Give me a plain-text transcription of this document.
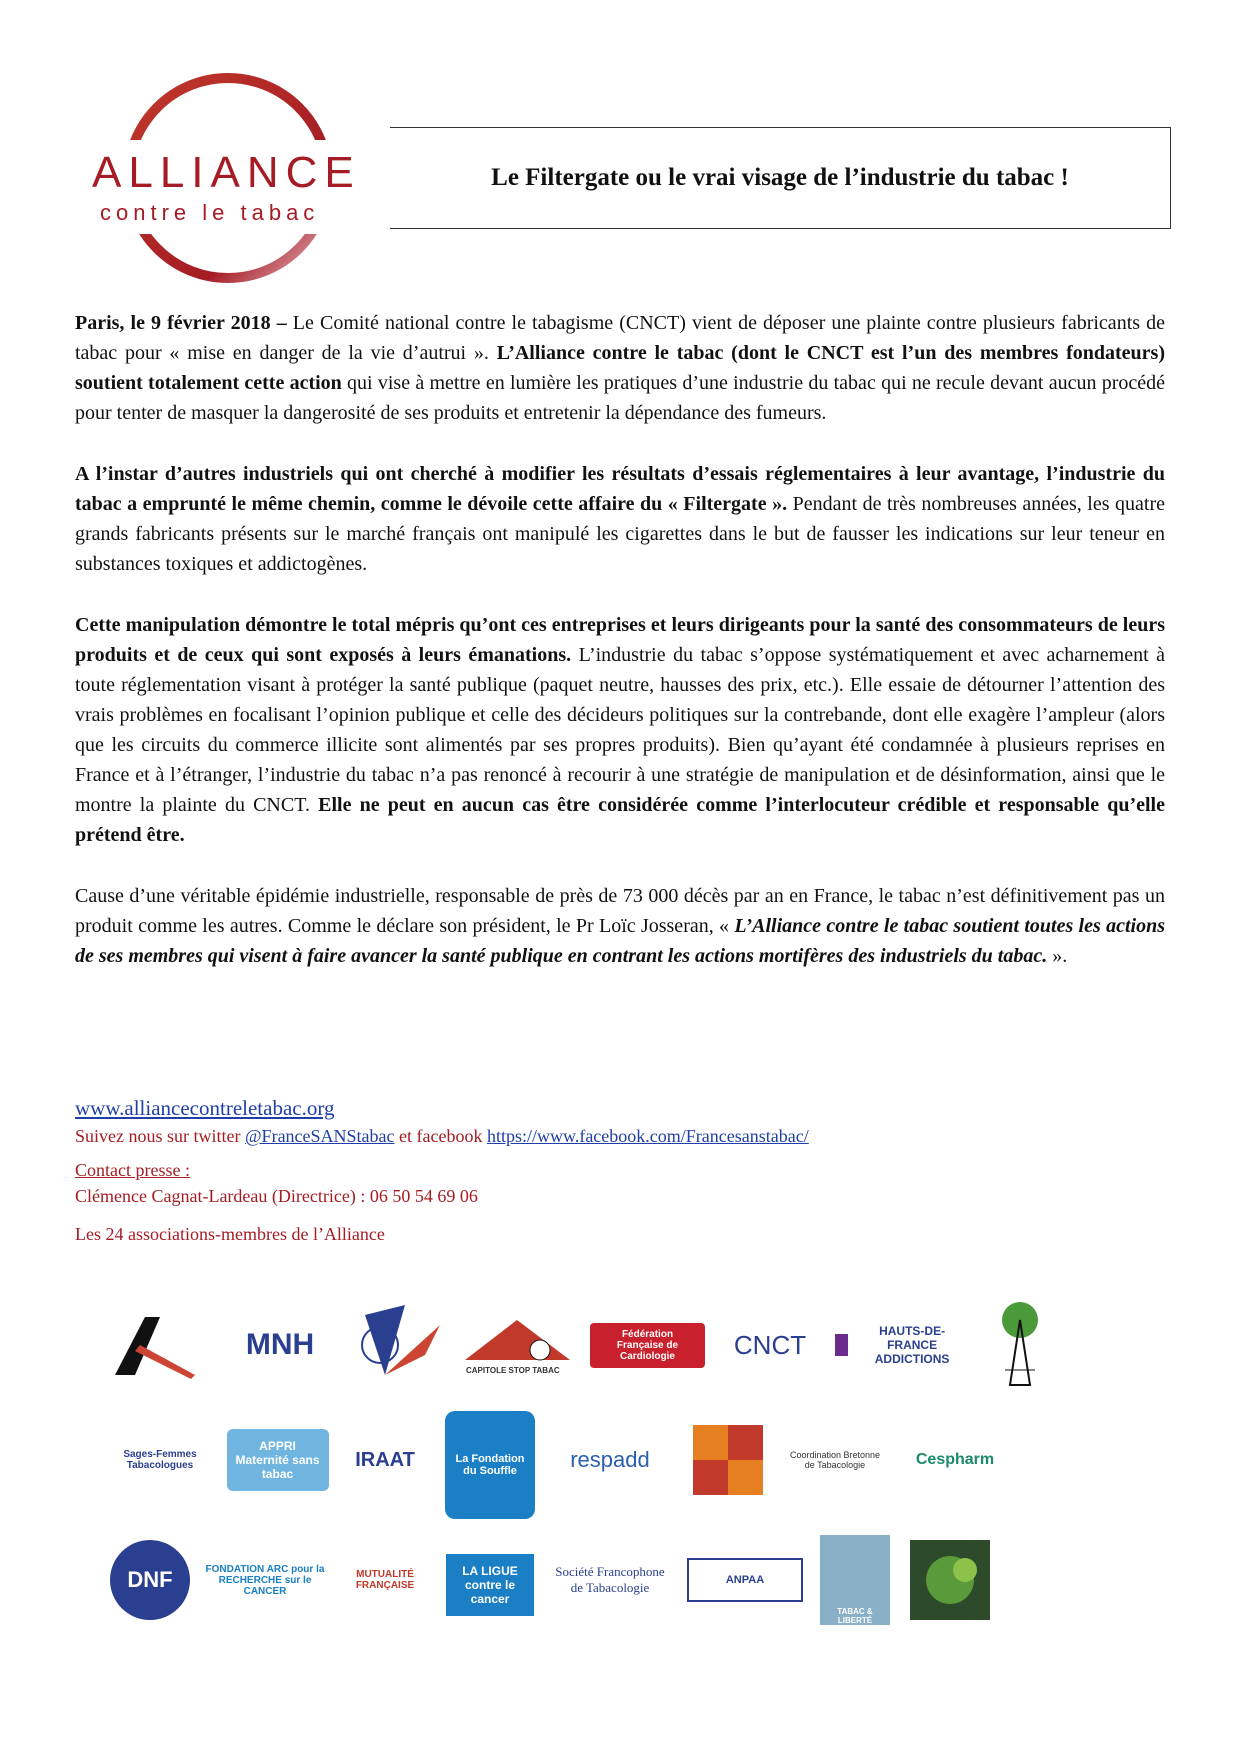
ALLIANCE
contre le tabac
Le Filtergate ou le vrai visage de l’industrie du tabac !

Paris, le 9 février 2018 – Le Comité national contre le tabagisme (CNCT) vient de déposer une plainte contre plusieurs fabricants de tabac pour « mise en danger de la vie d’autrui ». L’Alliance contre le tabac (dont le CNCT est l’un des membres fondateurs) soutient totalement cette action qui vise à mettre en lumière les pratiques d’une industrie du tabac qui ne recule devant aucun procédé pour tenter de masquer la dangerosité de ses produits et entretenir la dépendance des fumeurs.

A l’instar d’autres industriels qui ont cherché à modifier les résultats d’essais réglementaires à leur avantage, l’industrie du tabac a emprunté le même chemin, comme le dévoile cette affaire du « Filtergate ». Pendant de très nombreuses années, les quatre grands fabricants présents sur le marché français ont manipulé les cigarettes dans le but de fausser les indications sur leur teneur en substances toxiques et addictogènes.

Cette manipulation démontre le total mépris qu’ont ces entreprises et leurs dirigeants pour la santé des consommateurs de leurs produits et de ceux qui sont exposés à leurs émanations. L’industrie du tabac s’oppose systématiquement et avec acharnement à toute réglementation visant à protéger la santé publique (paquet neutre, hausses des prix, etc.). Elle essaie de détourner l’attention des vrais problèmes en focalisant l’opinion publique et celle des décideurs politiques sur la contrebande, dont elle exagère l’ampleur (alors que les circuits du commerce illicite sont alimentés par ses propres produits). Bien qu’ayant été condamnée à plusieurs reprises en France et à l’étranger, l’industrie du tabac n’a pas renoncé à recourir à une stratégie de manipulation et de désinformation, ainsi que le montre la plainte du CNCT. Elle ne peut en aucun cas être considérée comme l’interlocuteur crédible et responsable qu’elle prétend être.

Cause d’une véritable épidémie industrielle, responsable de près de 73 000 décès par an en France, le tabac n’est définitivement pas un produit comme les autres. Comme le déclare son président, le Pr Loïc Josseran, « L’Alliance contre le tabac soutient toutes les actions de ses membres qui visent à faire avancer la santé publique en contrant les actions mortifères des industriels du tabac. ».

www.alliancecontreletabac.org
Suivez nous sur twitter @FranceSANStabac et facebook https://www.facebook.com/Francesanstabac/
Contact presse :
Clémence Cagnat-Lardeau (Directrice) : 06 50 54 69 06
Les 24 associations-membres de l’Alliance
MNH
CAPITOLE STOP TABAC
Fédération Française de Cardiologie	CNCT	HAUTS-DE-FRANCE ADDICTIONS
Sages-Femmes Tabacologues
APPRI Maternité sans tabac
IRAAT	La Fondation du Souffle	respadd	Coordination Bretonne de Tabacologie	Cespharm
DNF	FONDATION ARC pour la RECHERCHE sur le CANCER
MUTUALITÉ FRANÇAISE
LA LIGUE contre le cancer
Société Francophone de Tabacologie	ANPAA
TABAC & LIBERTÉ
